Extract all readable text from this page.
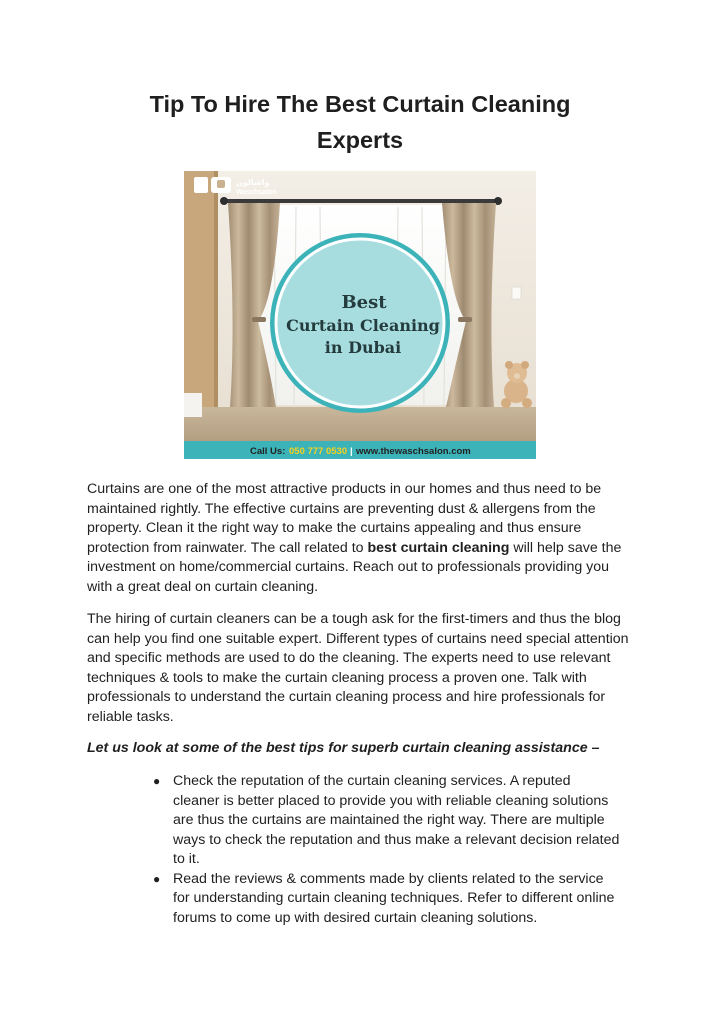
Tip To Hire The Best Curtain Cleaning
Experts
واشالون
Waschsalon
Best
Curtain Cleaning
in Dubai
Call Us: 050 777 0530 | www.thewaschsalon.com

Curtains are one of the most attractive products in our homes and thus need to be maintained rightly. The effective curtains are preventing dust & allergens from the property. Clean it the right way to make the curtains appealing and thus ensure protection from rainwater. The call related to best curtain cleaning will help save the investment on home/commercial curtains. Reach out to professionals providing you with a great deal on curtain cleaning.

The hiring of curtain cleaners can be a tough ask for the first-timers and thus the blog can help you find one suitable expert. Different types of curtains need special attention and specific methods are used to do the cleaning. The experts need to use relevant techniques & tools to make the curtain cleaning process a proven one. Talk with professionals to understand the curtain cleaning process and hire professionals for reliable tasks.

Let us look at some of the best tips for superb curtain cleaning assistance –

● Check the reputation of the curtain cleaning services. A reputed
cleaner is better placed to provide you with reliable cleaning solutions
are thus the curtains are maintained the right way. There are multiple
ways to check the reputation and thus make a relevant decision related
to it.
● Read the reviews & comments made by clients related to the service
for understanding curtain cleaning techniques. Refer to different online
forums to come up with desired curtain cleaning solutions.
